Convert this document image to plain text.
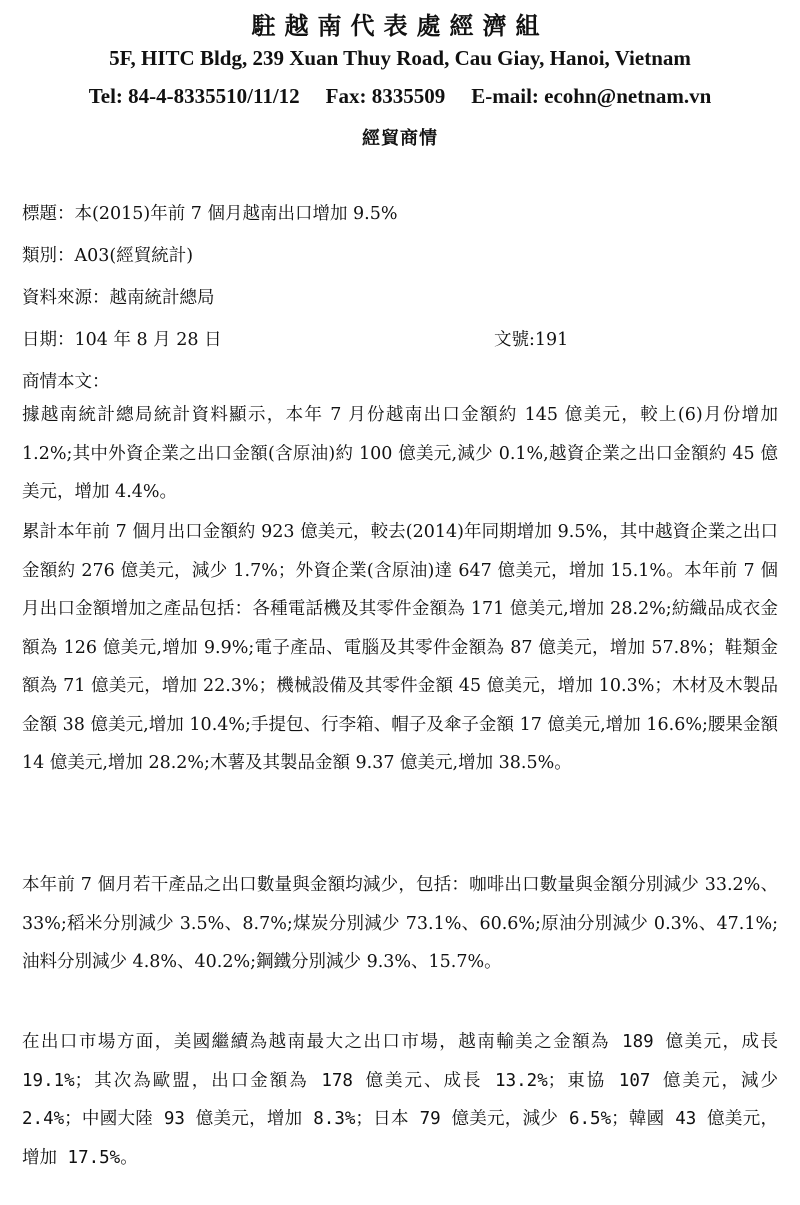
駐越南代表處經濟組
5F, HITC Bldg, 239 Xuan Thuy Road, Cau Giay, Hanoi, Vietnam
Tel: 84-4-8335510/11/12 Fax: 8335509 E-mail: ecohn@netnam.vn
經貿商情
標題：本(2015)年前 7 個月越南出口增加 9.5%
類別：A03(經貿統計)
資料來源：越南統計總局
日期：104 年 8 月 28 日	文號:191
商情本文：
據越南統計總局統計資料顯示，本年 7 月份越南出口金額約 145 億美元，較上(6)月份增加 1.2%;其中外資企業之出口金額(含原油)約 100 億美元,減少 0.1%,越資企業之出口金額約 45 億美元，增加 4.4%。
累計本年前 7 個月出口金額約 923 億美元，較去(2014)年同期增加 9.5%，其中越資企業之出口金額約 276 億美元，減少 1.7%；外資企業(含原油)達 647 億美元，增加 15.1%。本年前 7 個月出口金額增加之產品包括：各種電話機及其零件金額為 171 億美元,增加 28.2%;紡織品成衣金額為 126 億美元,增加 9.9%;電子產品、電腦及其零件金額為 87 億美元，增加 57.8%；鞋類金額為 71 億美元，增加 22.3%；機械設備及其零件金額 45 億美元，增加 10.3%；木材及木製品金額 38 億美元,增加 10.4%;手提包、行李箱、帽子及傘子金額 17 億美元,增加 16.6%;腰果金額 14 億美元,增加 28.2%;木薯及其製品金額 9.37 億美元,增加 38.5%。
本年前 7 個月若干產品之出口數量與金額均減少，包括：咖啡出口數量與金額分別減少 33.2%、33%;稻米分別減少 3.5%、8.7%;煤炭分別減少 73.1%、60.6%;原油分別減少 0.3%、47.1%;油料分別減少 4.8%、40.2%;鋼鐵分別減少 9.3%、15.7%。
在出口市場方面，美國繼續為越南最大之出口市場，越南輸美之金額為 189 億美元，成長 19.1%；其次為歐盟，出口金額為 178 億美元、成長 13.2%；東協 107 億美元，減少 2.4%；中國大陸 93 億美元，增加 8.3%；日本 79 億美元，減少 6.5%；韓國 43 億美元，增加 17.5%。
